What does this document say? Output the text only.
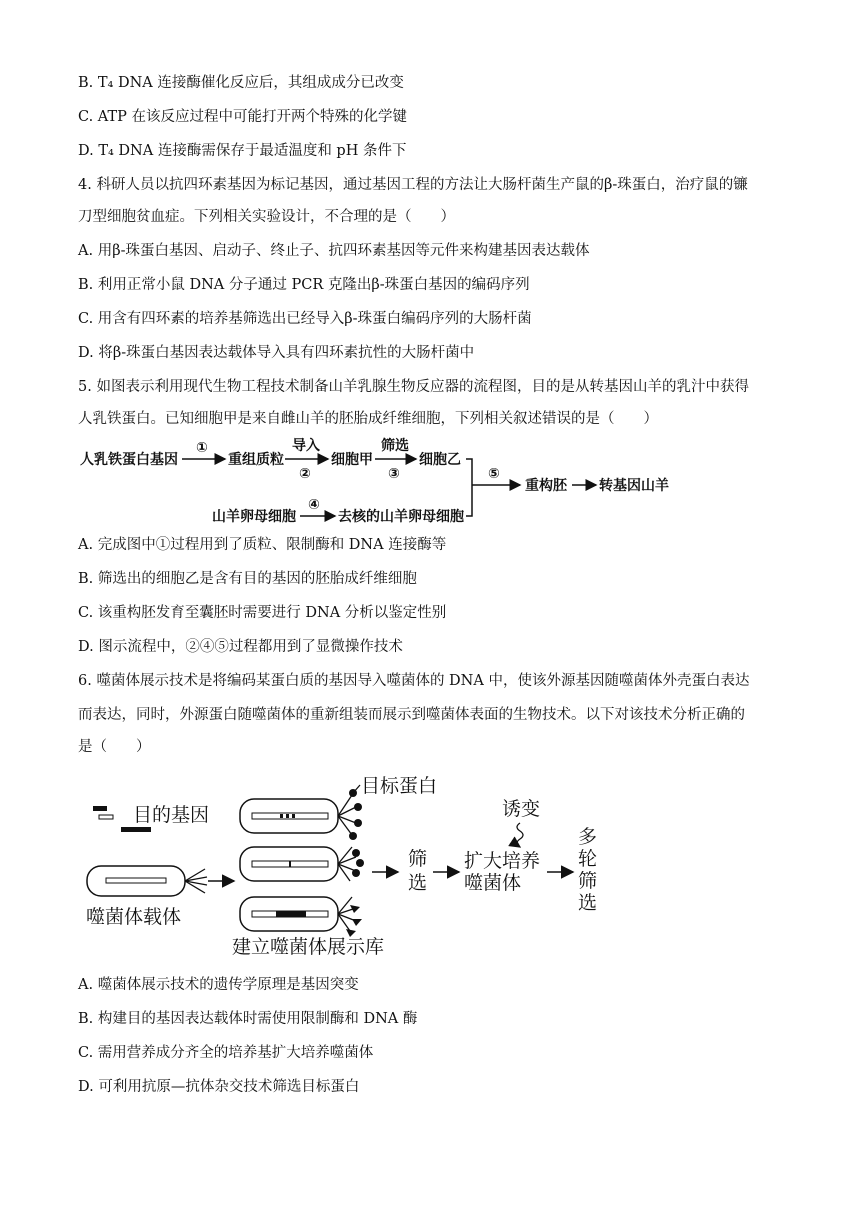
B. T₄ DNA 连接酶催化反应后，其组成成分已改变
C. ATP 在该反应过程中可能打开两个特殊的化学键
D. T₄ DNA 连接酶需保存于最适温度和 pH 条件下
4. 科研人员以抗四环素基因为标记基因，通过基因工程的方法让大肠杆菌生产鼠的β-珠蛋白，治疗鼠的镰
刀型细胞贫血症。下列相关实验设计，不合理的是（　　）
A. 用β-珠蛋白基因、启动子、终止子、抗四环素基因等元件来构建基因表达载体
B. 利用正常小鼠 DNA 分子通过 PCR 克隆出β-珠蛋白基因的编码序列
C. 用含有四环素的培养基筛选出已经导入β-珠蛋白编码序列的大肠杆菌
D. 将β-珠蛋白基因表达载体导入具有四环素抗性的大肠杆菌中
5. 如图表示利用现代生物工程技术制备山羊乳腺生物反应器的流程图，目的是从转基因山羊的乳汁中获得
人乳铁蛋白。已知细胞甲是来自雌山羊的胚胎成纤维细胞，下列相关叙述错误的是（　　）
人乳铁蛋白基因
①
重组质粒
导入
②
细胞甲
筛选
③
细胞乙
⑤
重构胚 转基因山羊
山羊卵母细胞
④
去核的山羊卵母细胞
A. 完成图中①过程用到了质粒、限制酶和 DNA 连接酶等
B. 筛选出的细胞乙是含有目的基因的胚胎成纤维细胞
C. 该重构胚发育至囊胚时需要进行 DNA 分析以鉴定性别
D. 图示流程中，②④⑤过程都用到了显微操作技术
6. 噬菌体展示技术是将编码某蛋白质的基因导入噬菌体的 DNA 中，使该外源基因随噬菌体外壳蛋白表达
而表达，同时，外源蛋白随噬菌体的重新组装而展示到噬菌体表面的生物技术。以下对该技术分析正确的
是（　　）
目的基因
噬菌体载体
目标蛋白
建立噬菌体展示库
筛
选
诱变
扩大培养
噬菌体
多
轮
筛
选
A. 噬菌体展示技术的遗传学原理是基因突变
B. 构建目的基因表达载体时需使用限制酶和 DNA 酶
C. 需用营养成分齐全的培养基扩大培养噬菌体
D. 可利用抗原—抗体杂交技术筛选目标蛋白
